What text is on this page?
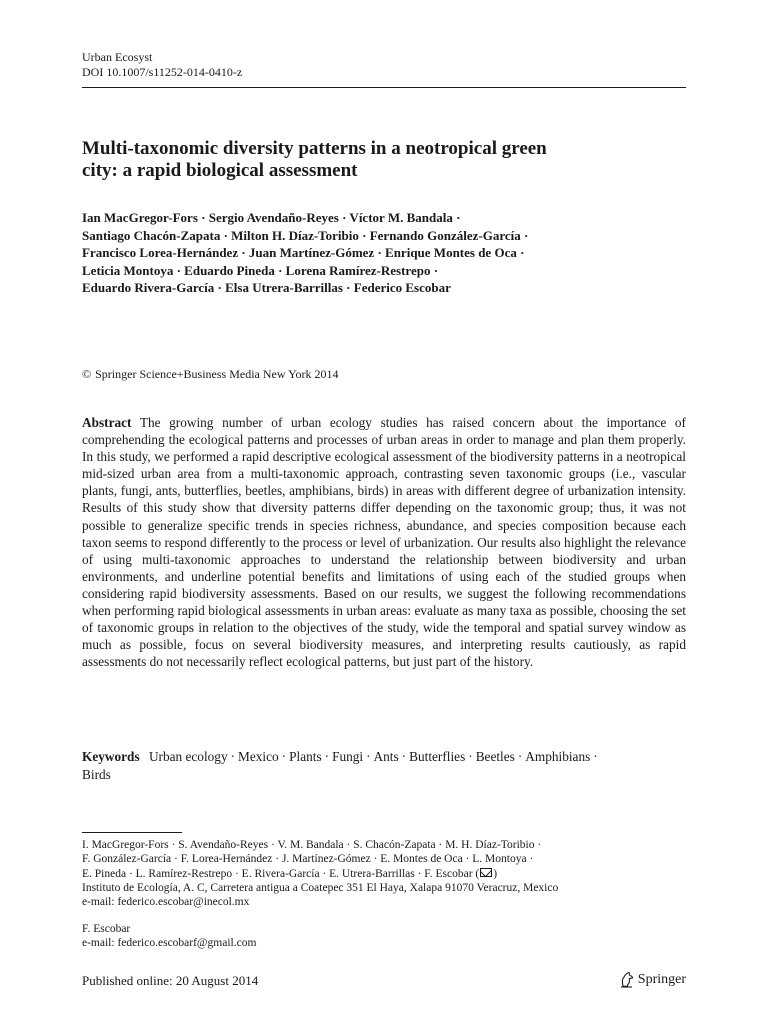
Urban Ecosyst
DOI 10.1007/s11252-014-0410-z
Multi-taxonomic diversity patterns in a neotropical green
city: a rapid biological assessment
Ian MacGregor-Fors · Sergio Avendaño-Reyes · Víctor M. Bandala ·
Santiago Chacón-Zapata · Milton H. Díaz-Toribio · Fernando González-García ·
Francisco Lorea-Hernández · Juan Martínez-Gómez · Enrique Montes de Oca ·
Leticia Montoya · Eduardo Pineda · Lorena Ramírez-Restrepo ·
Eduardo Rivera-García · Elsa Utrera-Barrillas · Federico Escobar
© Springer Science+Business Media New York 2014
Abstract The growing number of urban ecology studies has raised concern about the importance of comprehending the ecological patterns and processes of urban areas in order to manage and plan them properly. In this study, we performed a rapid descriptive ecological assessment of the biodiversity patterns in a neotropical mid-sized urban area from a multi-taxonomic approach, contrasting seven taxonomic groups (i.e., vascular plants, fungi, ants, butterflies, beetles, amphibians, birds) in areas with different degree of urbanization intensity. Results of this study show that diversity patterns differ depending on the taxonomic group; thus, it was not possible to generalize specific trends in species richness, abundance, and species composition because each taxon seems to respond differently to the process or level of urbanization. Our results also highlight the relevance of using multi-taxonomic approaches to understand the relationship between biodiversity and urban environments, and underline potential benefits and limitations of using each of the studied groups when considering rapid biodiversity assessments. Based on our results, we suggest the following recommendations when performing rapid biological assessments in urban areas: evaluate as many taxa as possible, choosing the set of taxonomic groups in relation to the objectives of the study, wide the temporal and spatial survey window as much as possible, focus on several biodiversity measures, and interpreting results cautiously, as rapid assessments do not necessarily reflect ecological patterns, but just part of the history.
Keywords Urban ecology · Mexico · Plants · Fungi · Ants · Butterflies · Beetles · Amphibians ·
Birds
I. MacGregor-Fors · S. Avendaño-Reyes · V. M. Bandala · S. Chacón-Zapata · M. H. Díaz-Toribio ·
F. González-García · F. Lorea-Hernández · J. Martínez-Gómez · E. Montes de Oca · L. Montoya ·
E. Pineda · L. Ramírez-Restrepo · E. Rivera-García · E. Utrera-Barrillas · F. Escobar ( )
Instituto de Ecología, A. C, Carretera antigua a Coatepec 351 El Haya, Xalapa 91070 Veracruz, Mexico
e-mail: federico.escobar@inecol.mx
F. Escobar
e-mail: federico.escobarf@gmail.com
Published online: 20 August 2014	Springer
